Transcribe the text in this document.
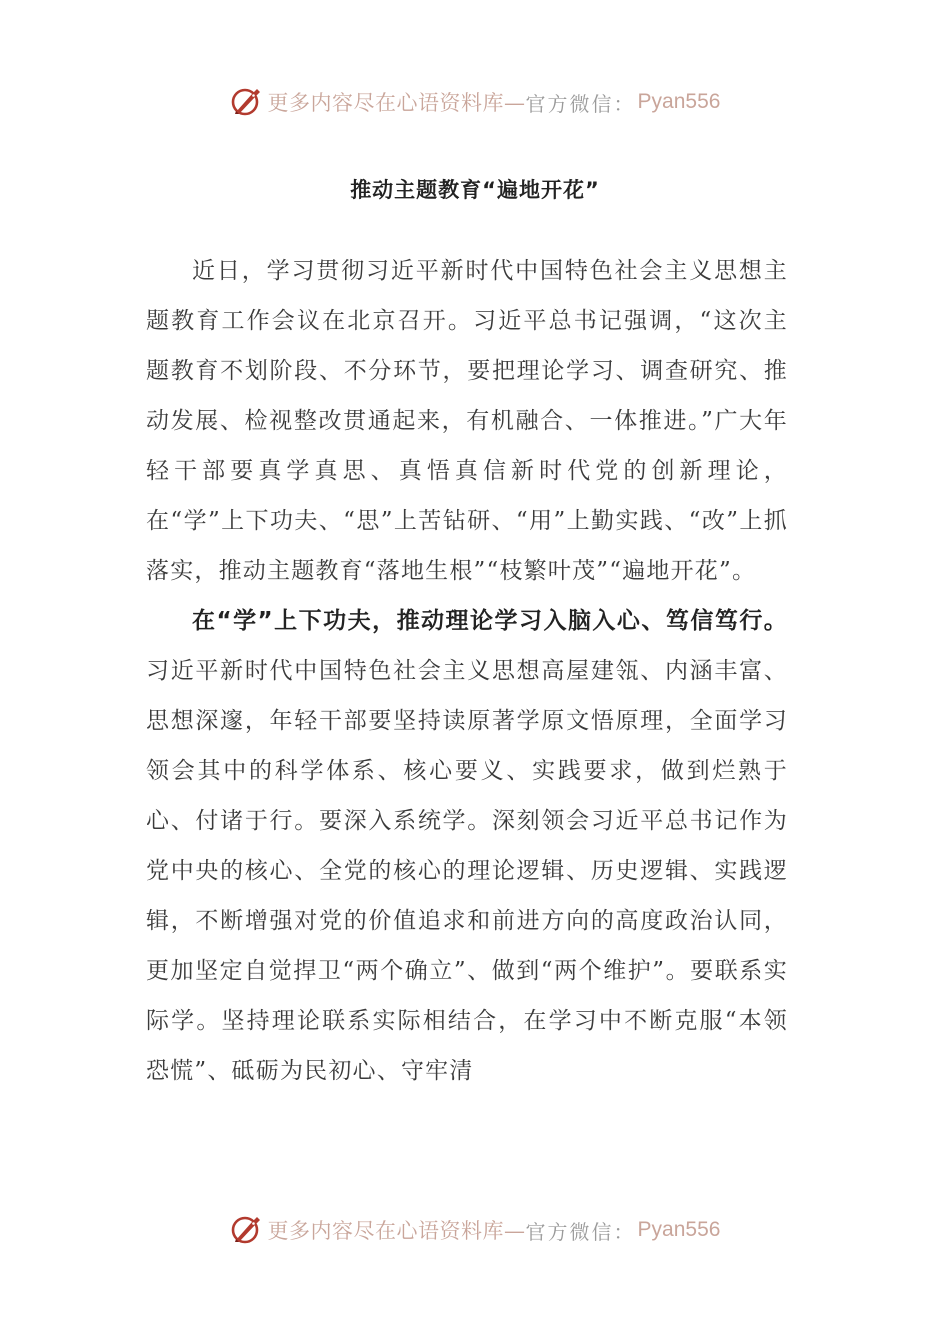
更多内容尽在心语资料库— 官方微信： Pyan556
推动主题教育“遍地开花”

近日，学习贯彻习近平新时代中国特色社会主义思想主题教育工作会议在北京召开。习近平总书记强调，“这次主题教育不划阶段、不分环节，要把理论学习、调查研究、推动发展、检视整改贯通起来，有机融合、一体推进。”广大年轻干部要真学真思、真悟真信新时代党的创新理论，在“学”上下功夫、“思”上苦钻研、“用”上勤实践、“改”上抓落实，推动主题教育“落地生根”“枝繁叶茂”“遍地开花”。

在“学”上下功夫，推动理论学习入脑入心、笃信笃行。习近平新时代中国特色社会主义思想高屋建瓴、内涵丰富、思想深邃，年轻干部要坚持读原著学原文悟原理，全面学习领会其中的科学体系、核心要义、实践要求，做到烂熟于心、付诸于行。要深入系统学。深刻领会习近平总书记作为党中央的核心、全党的核心的理论逻辑、历史逻辑、实践逻辑，不断增强对党的价值追求和前进方向的高度政治认同，更加坚定自觉捍卫“两个确立”、做到“两个维护”。要联系实际学。坚持理论联系实际相结合，在学习中不断克服“本领恐慌”、砥砺为民初心、守牢清

更多内容尽在心语资料库— 官方微信： Pyan556
